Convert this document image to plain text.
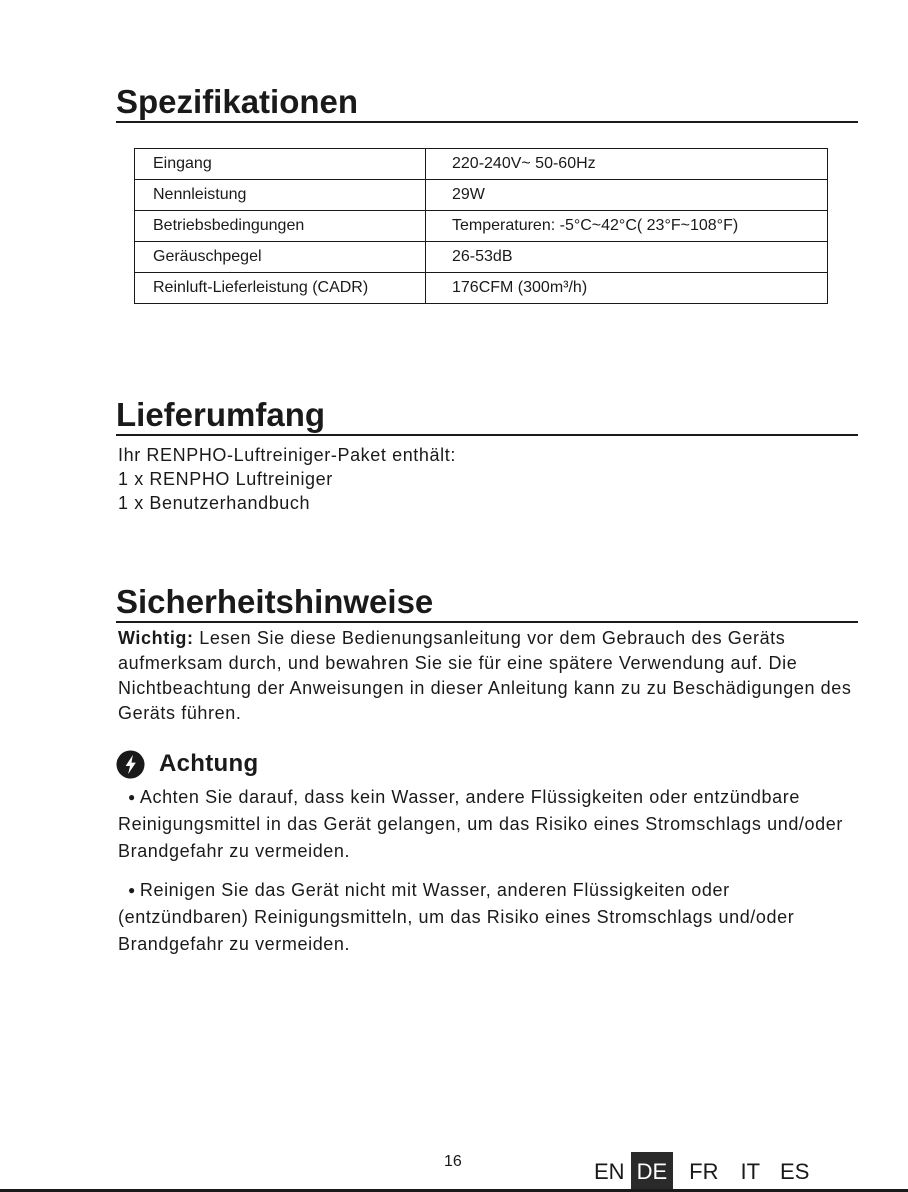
Spezifikationen
Eingang	220-240V~ 50-60Hz
Nennleistung	29W
Betriebsbedingungen	Temperaturen: -5°C~42°C( 23°F~108°F)
Geräuschpegel	26-53dB
Reinluft-Lieferleistung (CADR)	176CFM (300m³/h)
Lieferumfang
Ihr RENPHO-Luftreiniger-Paket enthält:
1 x RENPHO Luftreiniger
1 x Benutzerhandbuch
Sicherheitshinweise
Wichtig: Lesen Sie diese Bedienungsanleitung vor dem Gebrauch des Geräts aufmerksam durch, und bewahren Sie sie für eine spätere Verwendung auf. Die Nichtbeachtung der Anweisungen in dieser Anleitung kann zu zu Beschädigungen des Geräts führen.
Achtung
● Achten Sie darauf, dass kein Wasser, andere Flüssigkeiten oder entzündbare Reinigungsmittel in das Gerät gelangen, um das Risiko eines Stromschlags und/oder Brandgefahr zu vermeiden.
● Reinigen Sie das Gerät nicht mit Wasser, anderen Flüssigkeiten oder (entzündbaren) Reinigungsmitteln, um das Risiko eines Stromschlags und/oder Brandgefahr zu vermeiden.
16	EN DE FR IT ES
